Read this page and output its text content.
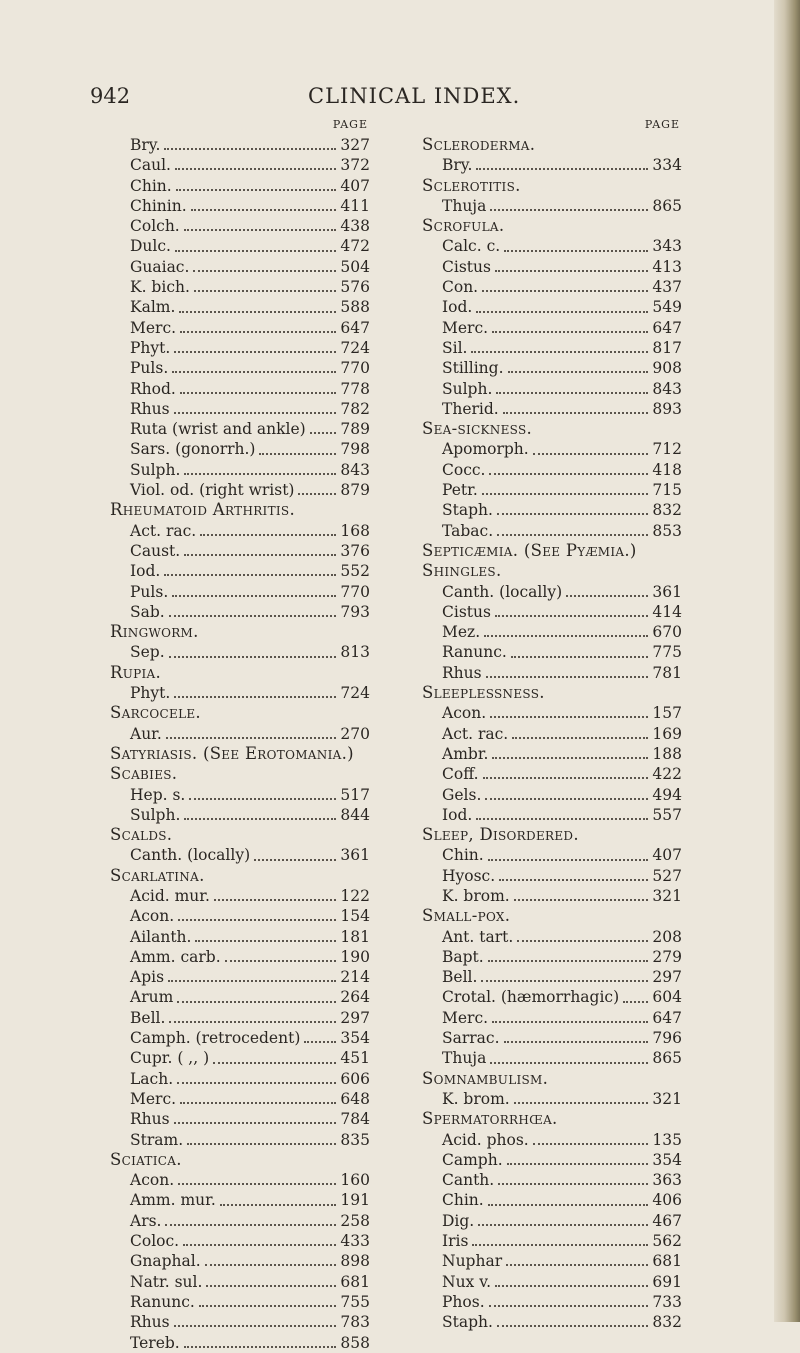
942	CLINICAL INDEX.
PAGE
Bry.	327
Caul.	372
Chin.	407
Chinin.	411
Colch.	438
Dulc.	472
Guaiac.	504
K. bich.	576
Kalm.	588
Merc.	647
Phyt.	724
Puls.	770
Rhod.	778
Rhus	782
Ruta (wrist and ankle) 789
Sars. (gonorrh.)	798
Sulph.	843
Viol. od. (right wrist)	879
Rheumatoid Arthritis.
Act. rac.	168
Caust.	376
Iod.	552
Puls.	770
Sab.	793
Ringworm.
Sep.	813
Rupia.
Phyt.	724
Sarcocele.
Aur.	270
Satyriasis. (See Erotomania.)
Scabies.
Hep. s.	517
Sulph.	844
Scalds.
Canth. (locally)	361
Scarlatina.
Acid. mur.	122
Acon.	154
Ailanth.	181
Amm. carb.	190
Apis	214
Arum	264
Bell.	297
Camph. (retrocedent)	354
Cupr. ( ,, )	451
Lach.	606
Merc.	648
Rhus	784
Stram.	835
Sciatica.
Acon.	160
Amm. mur.	191
Ars.	258
Coloc.	433
Gnaphal.	898
Natr. sul.	681
Ranunc.	755
Rhus	783
Tereb.	858
PAGE
Scleroderma.
Bry.	334
Sclerotitis.
Thuja	865
Scrofula.
Calc. c.	343
Cistus	413
Con.	437
Iod.	549
Merc.	647
Sil.	817
Stilling.	908
Sulph.	843
Therid.	893
Sea-sickness.
Apomorph.	712
Cocc.	418
Petr.	715
Staph.	832
Tabac.	853
Septicæmia. (See Pyæmia.)
Shingles.
Canth. (locally)	361
Cistus	414
Mez.	670
Ranunc.	775
Rhus	781
Sleeplessness.
Acon.	157
Act. rac.	169
Ambr.	188
Coff.	422
Gels.	494
Iod.	557
Sleep, Disordered.
Chin.	407
Hyosc.	527
K. brom.	321
Small-pox.
Ant. tart.	208
Bapt.	279
Bell.	297
Crotal. (hæmorrhagic) 604
Merc.	647
Sarrac.	796
Thuja	865
Somnambulism.
K. brom.	321
Spermatorrhœa.
Acid. phos.	135
Camph.	354
Canth.	363
Chin.	406
Dig.	467
Iris	562
Nuphar	681
Nux v.	691
Phos.	733
Staph.	832
